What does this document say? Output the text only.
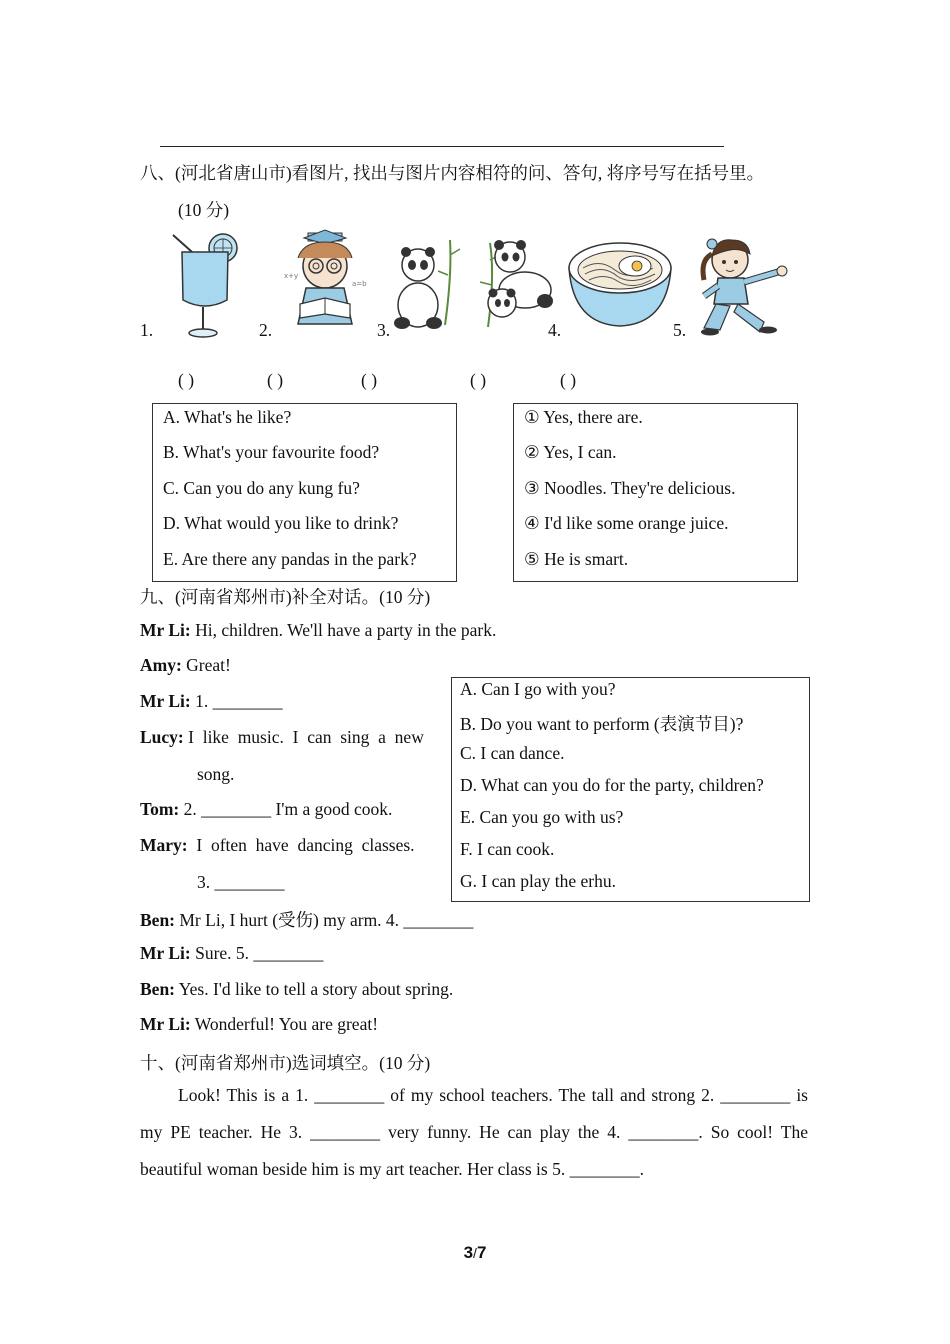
八、(河北省唐山市)看图片, 找出与图片内容相符的问、答句, 将序号写在括号里。
(10 分)
1.	2.	3.	4.	5.
x+y
a=b
( )	( )	( )	( )	( )
A. What's he like?
B. What's your favourite food?
C. Can you do any kung fu?
D. What would you like to drink?
E. Are there any pandas in the park?
① Yes, there are.
② Yes, I can.
③ Noodles. They're delicious.
④ I'd like some orange juice.
⑤ He is smart.
九、(河南省郑州市)补全对话。(10 分)
Mr Li: Hi, children. We'll have a party in the park.
Amy: Great!
Mr Li: 1. ________
Lucy: I  like  music.  I  can  sing  a  new
song.
Tom: 2. ________ I'm a good cook.
Mary:  I  often  have  dancing  classes.
3. ________
Ben: Mr Li, I hurt (受伤) my arm. 4. ________
Mr Li: Sure. 5. ________
Ben: Yes. I'd like to tell a story about spring.
Mr Li: Wonderful! You are great!
A. Can I go with you?
B. Do you want to perform (表演节目)?
C. I can dance.
D. What can you do for the party, children?
E. Can you go with us?
F. I can cook.
G. I can play the erhu.
十、(河南省郑州市)选词填空。(10 分)
Look! This is a 1. ________ of my school teachers. The tall and strong 2. ________ is my PE teacher. He 3. ________ very funny. He can play the 4. ________. So cool! The beautiful woman beside him is my art teacher. Her class is 5. ________.
3/7
